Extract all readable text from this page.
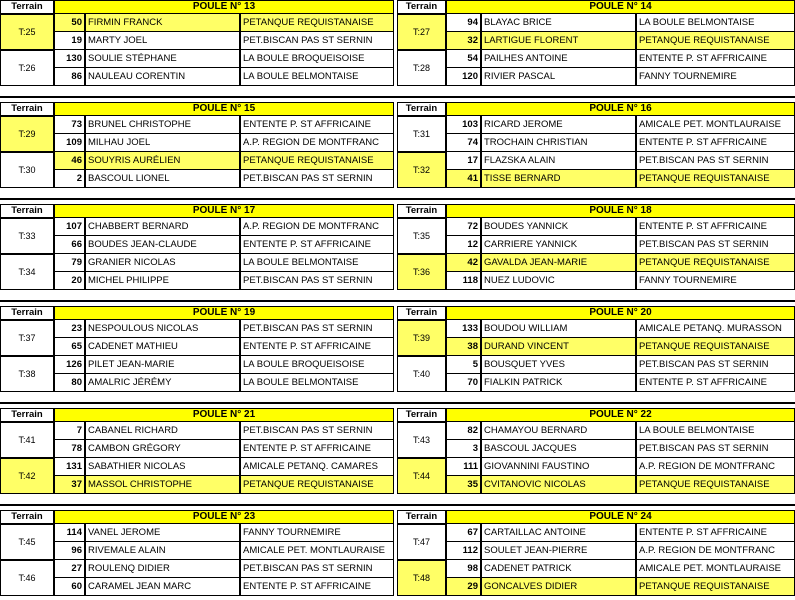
Terrain	POULE N° 13
T:25
50 FIRMIN FRANCK	PETANQUE REQUISTANAISE
19 MARTY JOEL	PET.BISCAN PAS ST SERNIN
T:26
130 SOULIE STÉPHANE	LA BOULE BROQUEISOISE
86 NAULEAU CORENTIN	LA BOULE BELMONTAISE
Terrain	POULE N° 14
T:27
94 BLAYAC BRICE	LA BOULE BELMONTAISE
32 LARTIGUE FLORENT	PETANQUE REQUISTANAISE
T:28
54 PAILHES ANTOINE	ENTENTE P. ST AFFRICAINE
120 RIVIER PASCAL	FANNY TOURNEMIRE
Terrain	POULE N° 15
T:29
73 BRUNEL CHRISTOPHE	ENTENTE P. ST AFFRICAINE
109 MILHAU JOEL	A.P. REGION DE MONTFRANC
T:30
46 SOUYRIS AURÉLIEN	PETANQUE REQUISTANAISE
2 BASCOUL LIONEL	PET.BISCAN PAS ST SERNIN
Terrain	POULE N° 16
T:31
103 RICARD JEROME	AMICALE PET. MONTLAURAISE
74 TROCHAIN CHRISTIAN	ENTENTE P. ST AFFRICAINE
T:32
17 FLAZSKA ALAIN	PET.BISCAN PAS ST SERNIN
41 TISSE BERNARD	PETANQUE REQUISTANAISE
Terrain	POULE N° 17
T:33
107 CHABBERT BERNARD	A.P. REGION DE MONTFRANC
66 BOUDES JEAN-CLAUDE	ENTENTE P. ST AFFRICAINE
T:34
79 GRANIER NICOLAS	LA BOULE BELMONTAISE
20 MICHEL PHILIPPE	PET.BISCAN PAS ST SERNIN
Terrain	POULE N° 18
T:35
72 BOUDES YANNICK	ENTENTE P. ST AFFRICAINE
12 CARRIERE YANNICK	PET.BISCAN PAS ST SERNIN
T:36
42 GAVALDA JEAN-MARIE	PETANQUE REQUISTANAISE
118 NUEZ LUDOVIC	FANNY TOURNEMIRE
Terrain	POULE N° 19
T:37
23 NESPOULOUS NICOLAS	PET.BISCAN PAS ST SERNIN
65 CADENET MATHIEU	ENTENTE P. ST AFFRICAINE
T:38
126 PILET JEAN-MARIE	LA BOULE BROQUEISOISE
80 AMALRIC JÉRÉMY	LA BOULE BELMONTAISE
Terrain	POULE N° 20
T:39
133 BOUDOU WILLIAM	AMICALE PETANQ. MURASSON
38 DURAND VINCENT	PETANQUE REQUISTANAISE
T:40
5 BOUSQUET YVES	PET.BISCAN PAS ST SERNIN
70 FIALKIN PATRICK	ENTENTE P. ST AFFRICAINE
Terrain	POULE N° 21
T:41
7 CABANEL RICHARD	PET.BISCAN PAS ST SERNIN
78 CAMBON GRÉGORY	ENTENTE P. ST AFFRICAINE
T:42
131 SABATHIER NICOLAS	AMICALE PETANQ. CAMARES
37 MASSOL CHRISTOPHE	PETANQUE REQUISTANAISE
Terrain	POULE N° 22
T:43
82 CHAMAYOU BERNARD	LA BOULE BELMONTAISE
3 BASCOUL JACQUES	PET.BISCAN PAS ST SERNIN
T:44
111 GIOVANNINI FAUSTINO	A.P. REGION DE MONTFRANC
35 CVITANOVIC NICOLAS	PETANQUE REQUISTANAISE
Terrain	POULE N° 23
T:45
114 VANEL JEROME	FANNY TOURNEMIRE
96 RIVEMALE ALAIN	AMICALE PET. MONTLAURAISE
T:46
27 ROULENQ DIDIER	PET.BISCAN PAS ST SERNIN
60 CARAMEL JEAN MARC	ENTENTE P. ST AFFRICAINE
Terrain	POULE N° 24
T:47
67 CARTAILLAC ANTOINE	ENTENTE P. ST AFFRICAINE
112 SOULET JEAN-PIERRE	A.P. REGION DE MONTFRANC
T:48
98 CADENET PATRICK	AMICALE PET. MONTLAURAISE
29 GONCALVES DIDIER	PETANQUE REQUISTANAISE
